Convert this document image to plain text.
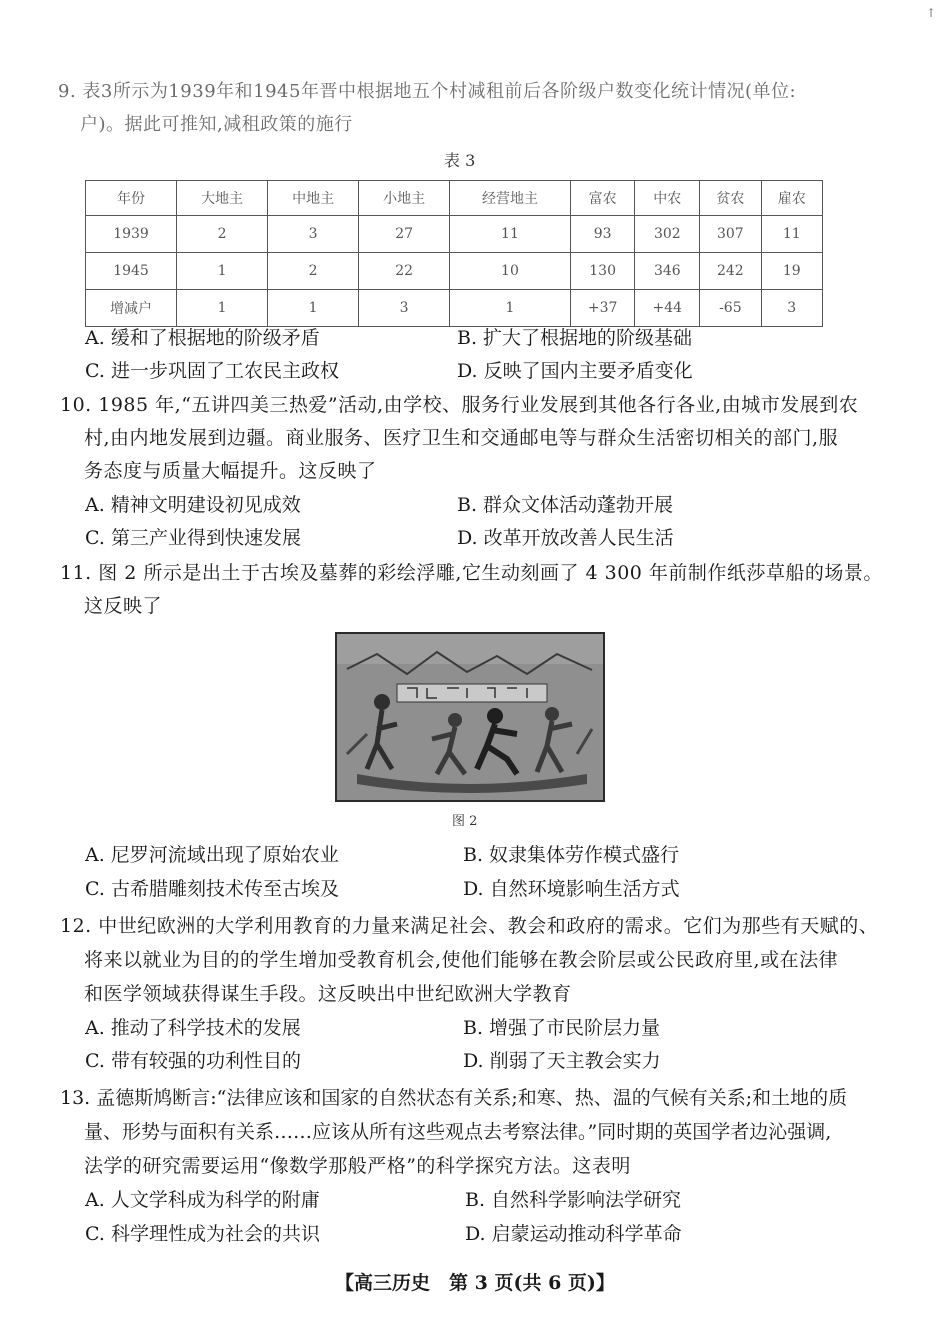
↑
9. 表3所示为1939年和1945年晋中根据地五个村减租前后各阶级户数变化统计情况(单位:
户)。据此可推知,减租政策的施行
表 3
年份	大地主	中地主	小地主	经营地主	富农	中农	贫农	雇农
1939	2	3	27	11	93	302	307	11
1945	1	2	22	10	130	346	242	19
增减户	1	1	3	1	+37	+44	-65	3
A. 缓和了根据地的阶级矛盾	B. 扩大了根据地的阶级基础
C. 进一步巩固了工农民主政权	D. 反映了国内主要矛盾变化
10. 1985 年,“五讲四美三热爱”活动,由学校、服务行业发展到其他各行各业,由城市发展到农
村,由内地发展到边疆。商业服务、医疗卫生和交通邮电等与群众生活密切相关的部门,服
务态度与质量大幅提升。这反映了
A. 精神文明建设初见成效	B. 群众文体活动蓬勃开展
C. 第三产业得到快速发展	D. 改革开放改善人民生活
11. 图 2 所示是出土于古埃及墓葬的彩绘浮雕,它生动刻画了 4 300 年前制作纸莎草船的场景。
这反映了
图 2
A. 尼罗河流域出现了原始农业	B. 奴隶集体劳作模式盛行
C. 古希腊雕刻技术传至古埃及	D. 自然环境影响生活方式
12. 中世纪欧洲的大学利用教育的力量来满足社会、教会和政府的需求。它们为那些有天赋的、
将来以就业为目的的学生增加受教育机会,使他们能够在教会阶层或公民政府里,或在法律
和医学领域获得谋生手段。这反映出中世纪欧洲大学教育
A. 推动了科学技术的发展	B. 增强了市民阶层力量
C. 带有较强的功利性目的	D. 削弱了天主教会实力
13. 孟德斯鸠断言:“法律应该和国家的自然状态有关系;和寒、热、温的气候有关系;和土地的质
量、形势与面积有关系……应该从所有这些观点去考察法律。”同时期的英国学者边沁强调,
法学的研究需要运用“像数学那般严格”的科学探究方法。这表明
A. 人文学科成为科学的附庸	B. 自然科学影响法学研究
C. 科学理性成为社会的共识	D. 启蒙运动推动科学革命
【高三历史　第 3 页(共 6 页)】
